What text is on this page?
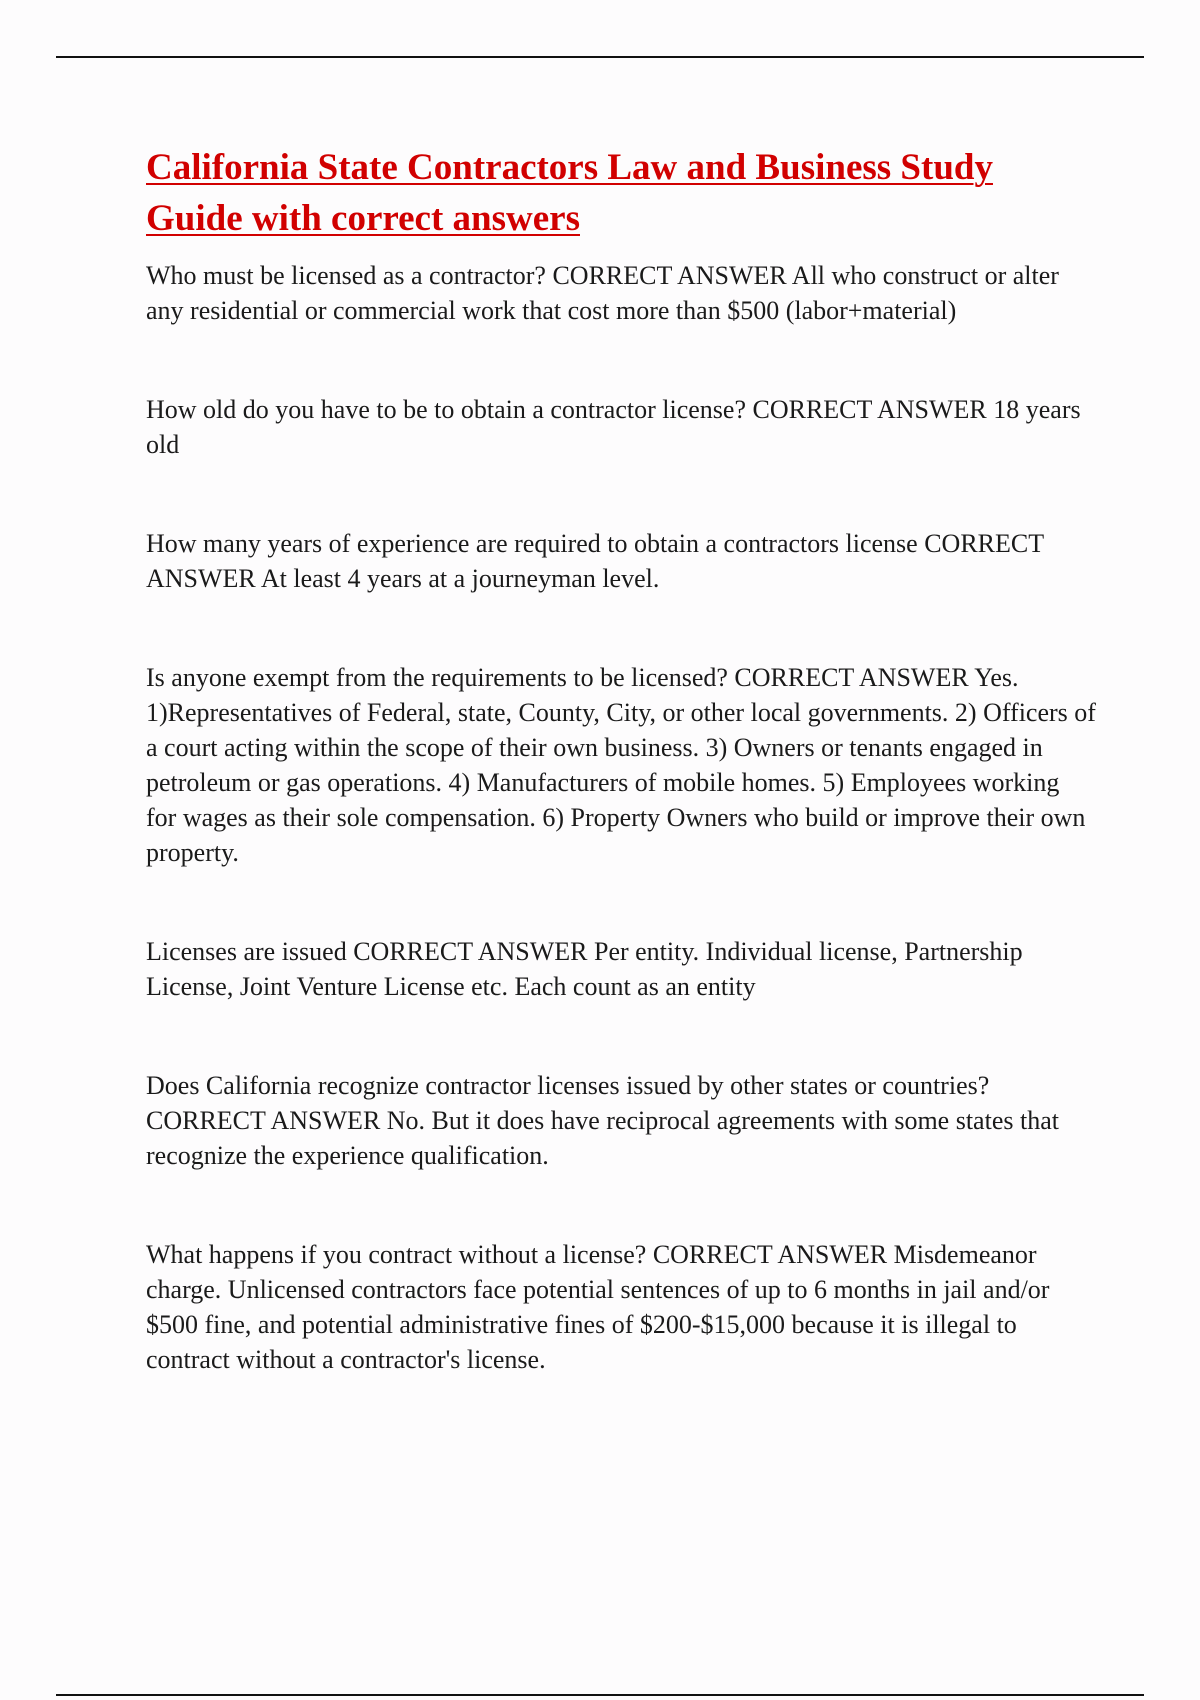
California State Contractors Law and Business Study Guide with correct answers

Who must be licensed as a contractor? CORRECT ANSWER All who construct or alter any residential or commercial work that cost more than $500 (labor+material)

How old do you have to be to obtain a contractor license? CORRECT ANSWER 18 years old

How many years of experience are required to obtain a contractors license CORRECT ANSWER At least 4 years at a journeyman level.

Is anyone exempt from the requirements to be licensed? CORRECT ANSWER Yes. 1)Representatives of Federal, state, County, City, or other local governments. 2) Officers of a court acting within the scope of their own business. 3) Owners or tenants engaged in petroleum or gas operations. 4) Manufacturers of mobile homes. 5) Employees working for wages as their sole compensation. 6) Property Owners who build or improve their own property.

Licenses are issued CORRECT ANSWER Per entity. Individual license, Partnership License, Joint Venture License etc. Each count as an entity

Does California recognize contractor licenses issued by other states or countries? CORRECT ANSWER No. But it does have reciprocal agreements with some states that recognize the experience qualification.

What happens if you contract without a license? CORRECT ANSWER Misdemeanor charge. Unlicensed contractors face potential sentences of up to 6 months in jail and/or $500 fine, and potential administrative fines of $200-$15,000 because it is illegal to contract without a contractor's license.
